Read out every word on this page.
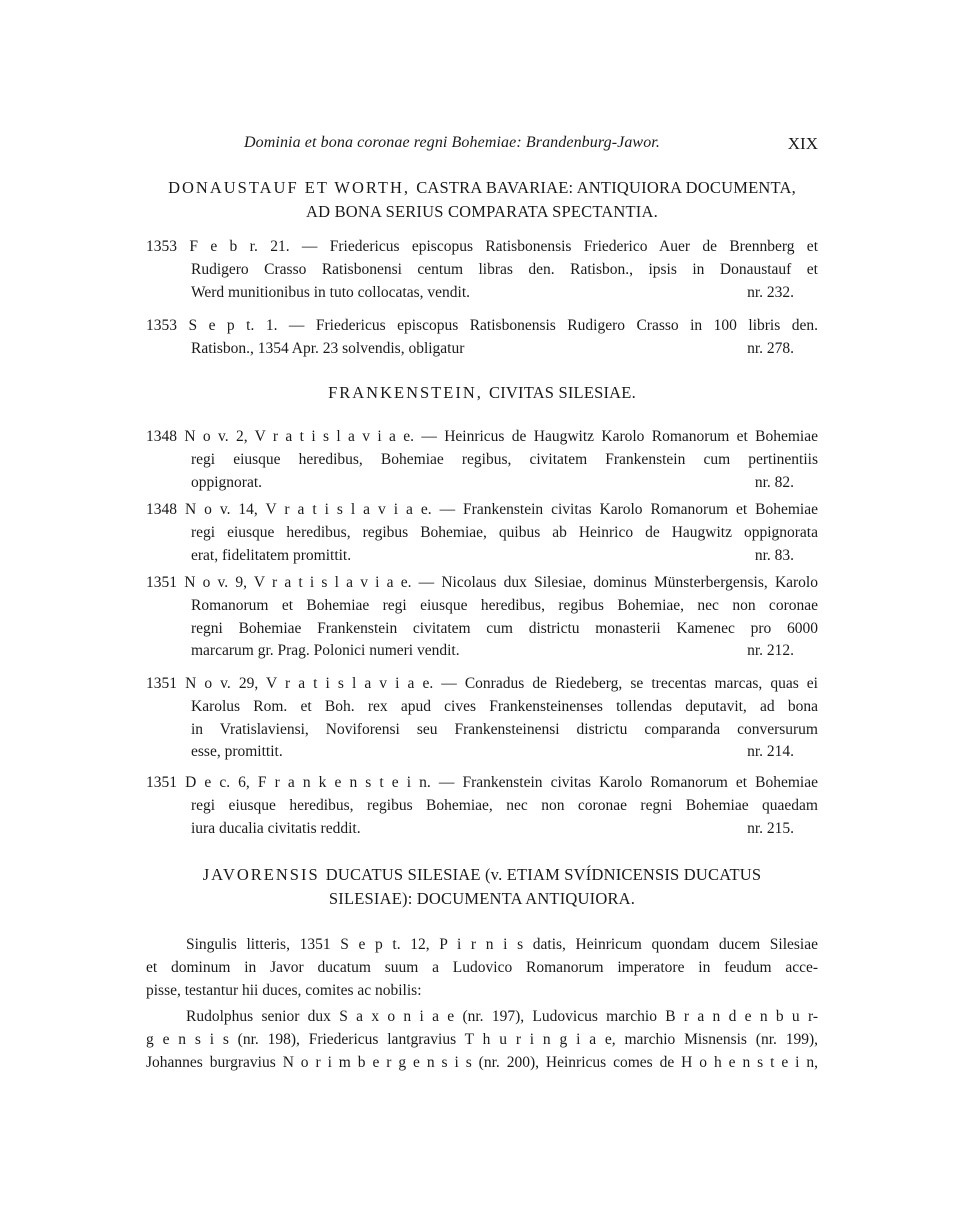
Dominia et bona coronae regni Bohemiae: Brandenburg-Jawor.	XIX
DONAUSTAUF ET WORTH, CASTRA BAVARIAE: ANTIQUIORA DOCUMENTA,
AD BONA SERIUS COMPARATA SPECTANTIA.
1353 F e b r. 21. — Friedericus episcopus Ratisbonensis Friederico Auer de Brennberg et
Rudigero Crasso Ratisbonensi centum libras den. Ratisbon., ipsis in Donaustauf et
Werd munitionibus in tuto collocatas, vendit.	nr. 232.
1353 S e p t. 1. — Friedericus episcopus Ratisbonensis Rudigero Crasso in 100 libris den.
Ratisbon., 1354 Apr. 23 solvendis, obligatur	nr. 278.
FRANKENSTEIN, CIVITAS SILESIAE.
1348 N o v. 2, V r a t i s l a v i a e. — Heinricus de Haugwitz Karolo Romanorum et Bohemiae
regi eiusque heredibus, Bohemiae regibus, civitatem Frankenstein cum pertinentiis
oppignorat.	nr. 82.
1348 N o v. 14, V r a t i s l a v i a e. — Frankenstein civitas Karolo Romanorum et Bohemiae
regi eiusque heredibus, regibus Bohemiae, quibus ab Heinrico de Haugwitz oppignorata
erat, fidelitatem promittit.	nr. 83.
1351 N o v. 9, V r a t i s l a v i a e. — Nicolaus dux Silesiae, dominus Münsterbergensis, Karolo
Romanorum et Bohemiae regi eiusque heredibus, regibus Bohemiae, nec non coronae
regni Bohemiae Frankenstein civitatem cum districtu monasterii Kamenec pro 6000
marcarum gr. Prag. Polonici numeri vendit.	nr. 212.
1351 N o v. 29, V r a t i s l a v i a e. — Conradus de Riedeberg, se trecentas marcas, quas ei
Karolus Rom. et Boh. rex apud cives Frankensteinenses tollendas deputavit, ad bona
in Vratislaviensi, Noviforensi seu Frankensteinensi districtu comparanda conversurum
esse, promittit.	nr. 214.
1351 D e c. 6, F r a n k e n s t e i n. — Frankenstein civitas Karolo Romanorum et Bohemiae
regi eiusque heredibus, regibus Bohemiae, nec non coronae regni Bohemiae quaedam
iura ducalia civitatis reddit.	nr. 215.
JAVORENSIS DUCATUS SILESIAE (v. ETIAM SVÍDNICENSIS DUCATUS
SILESIAE): DOCUMENTA ANTIQUIORA.
Singulis litteris, 1351 S e p t. 12, P i r n i s datis, Heinricum quondam ducem Silesiae
et dominum in Javor ducatum suum a Ludovico Romanorum imperatore in feudum acce-
pisse, testantur hii duces, comites ac nobilis:
Rudolphus senior dux S a x o n i a e (nr. 197), Ludovicus marchio B r a n d e n b u r-
g e n s i s (nr. 198), Friedericus lantgravius T h u r i n g i a e, marchio Misnensis (nr. 199),
Johannes burgravius N o r i m b e r g e n s i s (nr. 200), Heinricus comes de H o h e n s t e i n,
